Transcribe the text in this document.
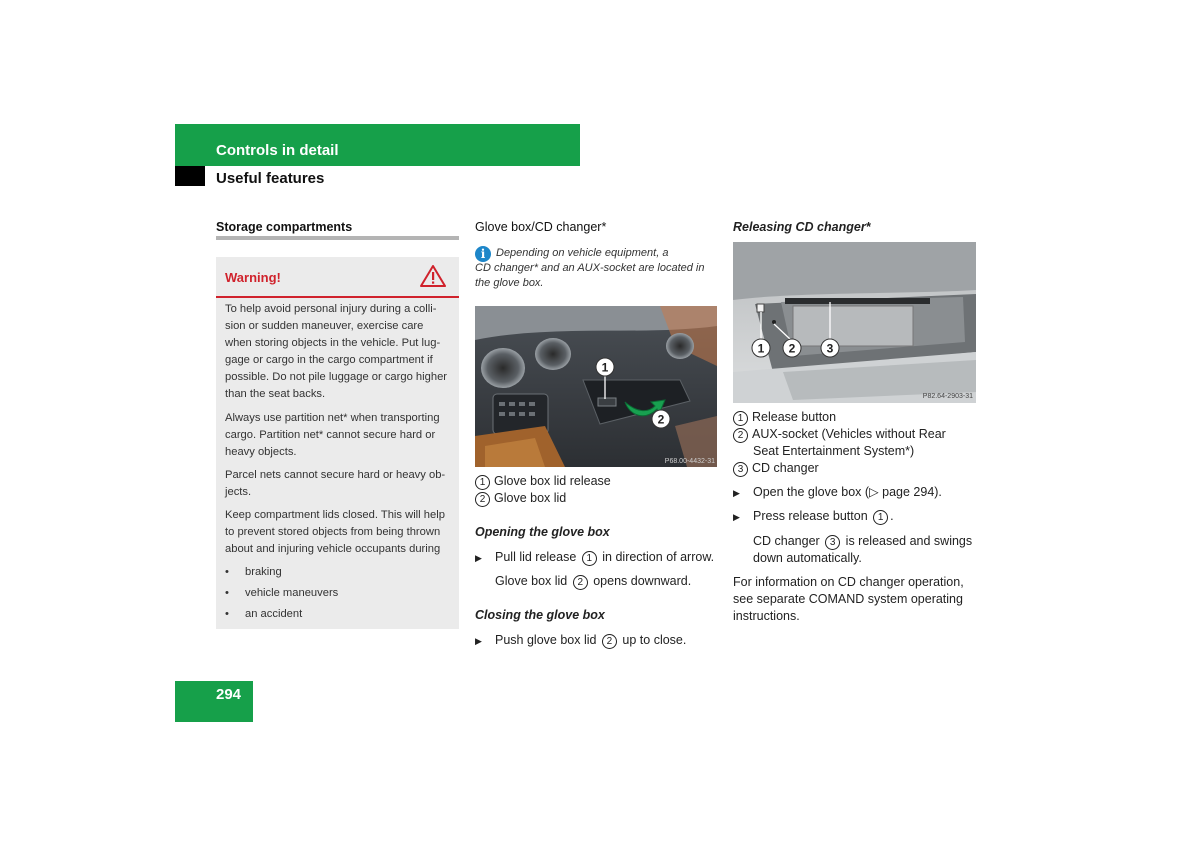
Controls in detail
Useful features
Storage compartments
Warning!
To help avoid personal injury during a colli-
sion or sudden maneuver, exercise care
when storing objects in the vehicle. Put lug-
gage or cargo in the cargo compartment if
possible. Do not pile luggage or cargo higher
than the seat backs.
Always use partition net* when transporting
cargo. Partition net* cannot secure hard or
heavy objects.
Parcel nets cannot secure hard or heavy ob-
jects.
Keep compartment lids closed. This will help
to prevent stored objects from being thrown
about and injuring vehicle occupants during
• braking
• vehicle maneuvers
• an accident
Glove box/CD changer*
i Depending on vehicle equipment, a
CD changer* and an AUX-socket are located in
the glove box.
1
2
P68.00-4432-31
1 Glove box lid release
2 Glove box lid
Opening the glove box
▶ Pull lid release 1 in direction of arrow.
Glove box lid 2 opens downward.
Closing the glove box
▶ Push glove box lid 2 up to close.
Releasing CD changer*
1 2	3
P82.64-2903-31
1 Release button
2 AUX-socket (Vehicles without Rear
Seat Entertainment System*)
3 CD changer
▶ Open the glove box (▷ page 294).
▶ Press release button 1 .
CD changer 3 is released and swings
down automatically.
For information on CD changer operation,
see separate COMAND system operating
instructions.
294
